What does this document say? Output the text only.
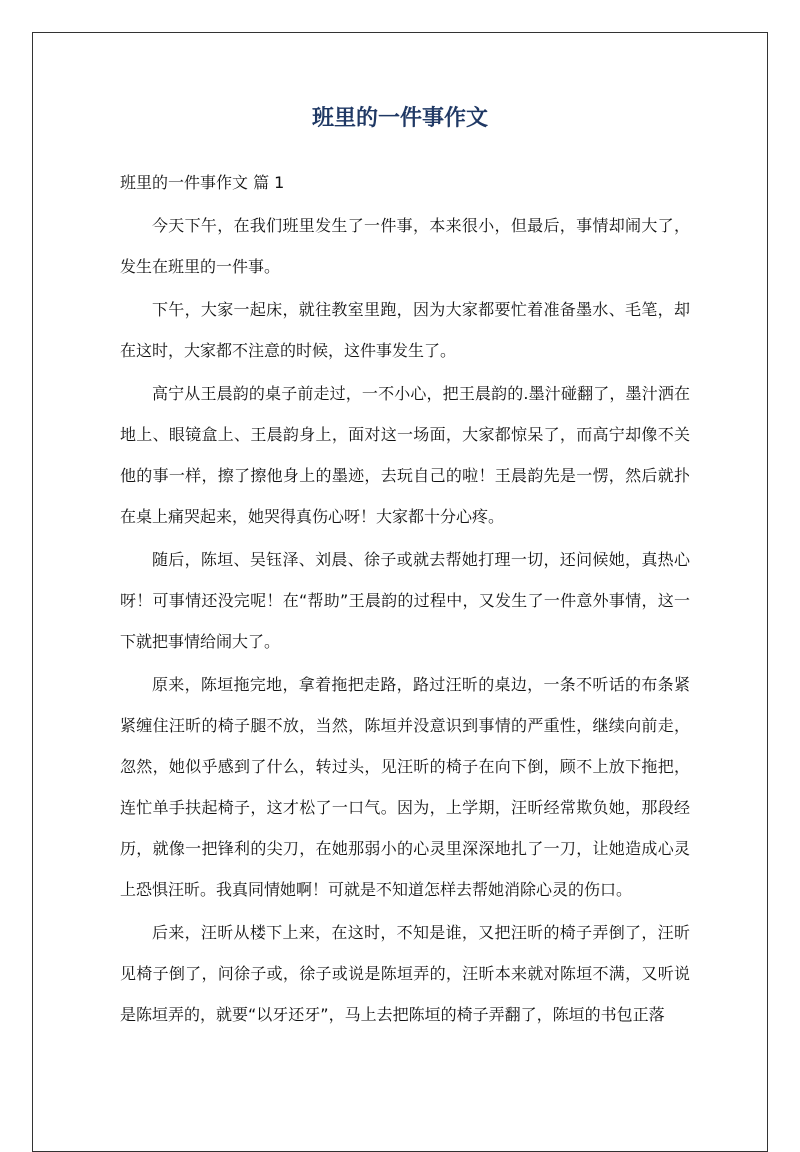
班里的一件事作文

班里的一件事作文 篇 1

今天下午，在我们班里发生了一件事，本来很小，但最后，事情却闹大了，发生在班里的一件事。

下午，大家一起床，就往教室里跑，因为大家都要忙着准备墨水、毛笔，却在这时，大家都不注意的时候，这件事发生了。

高宁从王晨韵的桌子前走过，一不小心，把王晨韵的.墨汁碰翻了，墨汁洒在地上、眼镜盒上、王晨韵身上，面对这一场面，大家都惊呆了，而高宁却像不关他的事一样，擦了擦他身上的墨迹，去玩自己的啦！王晨韵先是一愣，然后就扑在桌上痛哭起来，她哭得真伤心呀！大家都十分心疼。

随后，陈垣、吴钰泽、刘晨、徐子或就去帮她打理一切，还问候她，真热心呀！可事情还没完呢！在“帮助”王晨韵的过程中，又发生了一件意外事情，这一下就把事情给闹大了。

原来，陈垣拖完地，拿着拖把走路，路过汪昕的桌边，一条不听话的布条紧紧缠住汪昕的椅子腿不放，当然，陈垣并没意识到事情的严重性，继续向前走，忽然，她似乎感到了什么，转过头，见汪昕的椅子在向下倒，顾不上放下拖把，连忙单手扶起椅子，这才松了一口气。因为，上学期，汪昕经常欺负她，那段经历，就像一把锋利的尖刀，在她那弱小的心灵里深深地扎了一刀，让她造成心灵上恐惧汪昕。我真同情她啊！可就是不知道怎样去帮她消除心灵的伤口。

后来，汪昕从楼下上来，在这时，不知是谁，又把汪昕的椅子弄倒了，汪昕见椅子倒了，问徐子或，徐子或说是陈垣弄的，汪昕本来就对陈垣不满，又听说是陈垣弄的，就要“以牙还牙”，马上去把陈垣的椅子弄翻了，陈垣的书包正落
